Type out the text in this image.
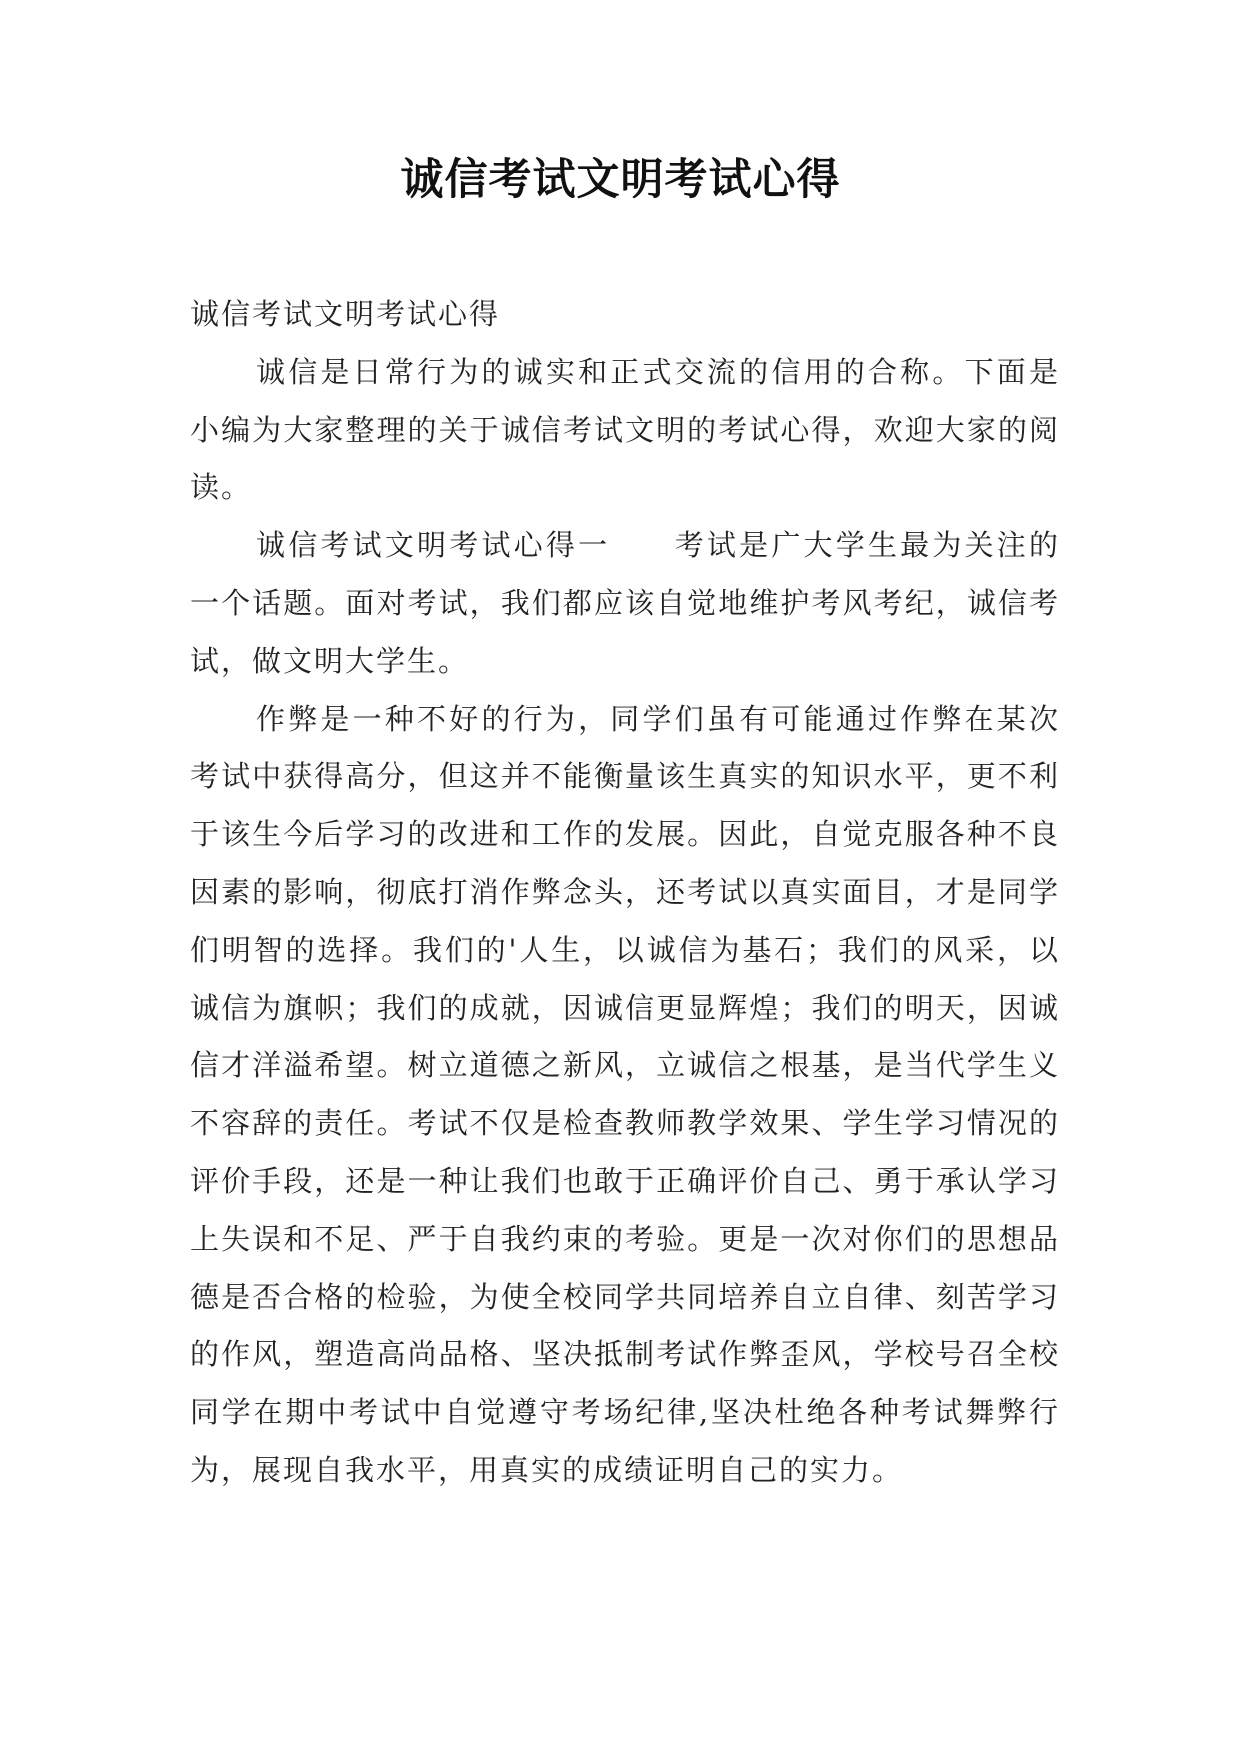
诚信考试文明考试心得

诚信考试文明考试心得

诚信是日常行为的诚实和正式交流的信用的合称。下面是小编为大家整理的关于诚信考试文明的考试心得，欢迎大家的阅读。

诚信考试文明考试心得一　　考试是广大学生最为关注的一个话题。面对考试，我们都应该自觉地维护考风考纪，诚信考试，做文明大学生。

作弊是一种不好的行为，同学们虽有可能通过作弊在某次考试中获得高分，但这并不能衡量该生真实的知识水平，更不利于该生今后学习的改进和工作的发展。因此，自觉克服各种不良因素的影响，彻底打消作弊念头，还考试以真实面目，才是同学们明智的选择。我们的'人生，以诚信为基石；我们的风采，以诚信为旗帜；我们的成就，因诚信更显辉煌；我们的明天，因诚信才洋溢希望。树立道德之新风，立诚信之根基，是当代学生义不容辞的责任。考试不仅是检查教师教学效果、学生学习情况的评价手段，还是一种让我们也敢于正确评价自己、勇于承认学习上失误和不足、严于自我约束的考验。更是一次对你们的思想品德是否合格的检验，为使全校同学共同培养自立自律、刻苦学习的作风，塑造高尚品格、坚决抵制考试作弊歪风，学校号召全校同学在期中考试中自觉遵守考场纪律,坚决杜绝各种考试舞弊行为，展现自我水平，用真实的成绩证明自己的实力。
